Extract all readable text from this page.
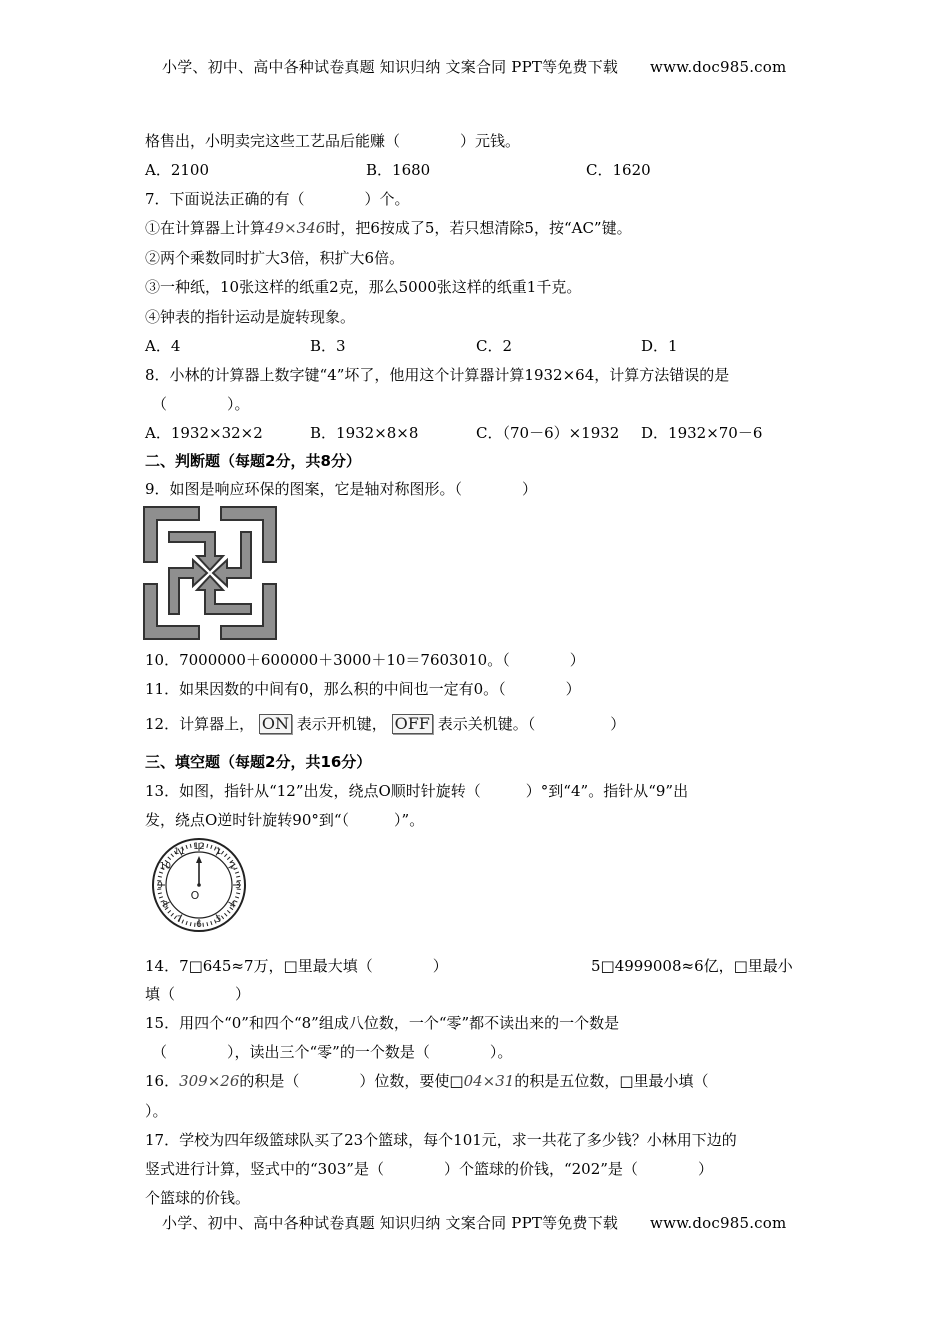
小学、初中、高中各种试卷真题 知识归纳 文案合同 PPT等免费下载 www.doc985.com
格售出，小明卖完这些工艺品后能赚（　　　　）元钱。
A．2100	B．1680	C．1620
7．下面说法正确的有（　　　　）个。
①在计算器上计算49×346时，把6按成了5，若只想清除5，按“AC”键。
②两个乘数同时扩大3倍，积扩大6倍。
③一种纸，10张这样的纸重2克，那么5000张这样的纸重1千克。
④钟表的指针运动是旋转现象。
A．4	B．3	C．2	D．1
8．小林的计算器上数字键“4”坏了，他用这个计算器计算1932×64，计算方法错误的是
（　　　　）。
A．1932×32×2	B．1932×8×8	C．（70－6）×1932 D．1932×70－6
二、判断题（每题2分，共8分）
9．如图是响应环保的图案，它是轴对称图形。（　　　　）
10．7000000＋600000＋3000＋10＝7603010。（　　　　）
11．如果因数的中间有0，那么积的中间也一定有0。（　　　　）
12．计算器上， ON 表示开机键， OFF 表示关机键。（　　　　　）
三、填空题（每题2分，共16分）
13．如图，指针从“12”出发，绕点O顺时针旋转（　　　）°到“4”。指针从“9”出
发，绕点O逆时针旋转90°到“（　　　）”。
12
1
2
3
4
5
6
7
8
9
10
11
O
14．7□645≈7万，□里最大填（　　　　）	5□4999008≈6亿，□里最小
填（　　　　）
15．用四个“0”和四个“8”组成八位数，一个“零”都不读出来的一个数是
（　　　　），读出三个“零”的一个数是（　　　　）。
16．309×26的积是（　　　　）位数，要使□04×31的积是五位数，□里最小填（
）。
17．学校为四年级篮球队买了23个篮球，每个101元，求一共花了多少钱？小林用下边的
竖式进行计算，竖式中的“303”是（　　　　）个篮球的价钱，“202”是（　　　　）
个篮球的价钱。
小学、初中、高中各种试卷真题 知识归纳 文案合同 PPT等免费下载 www.doc985.com
